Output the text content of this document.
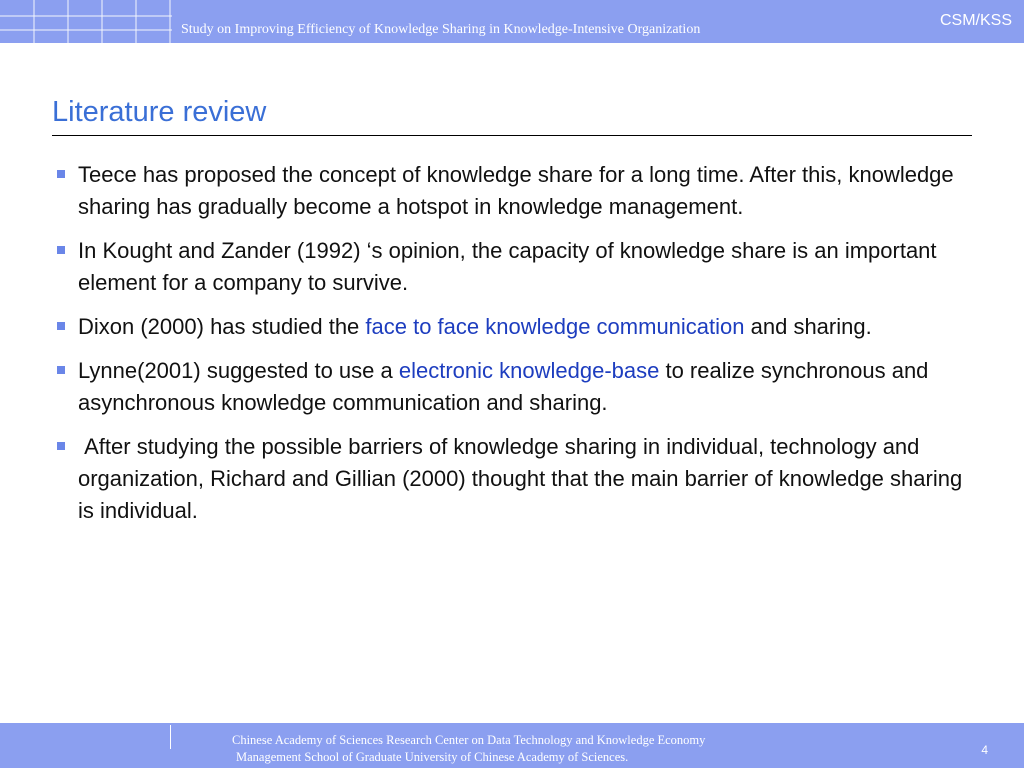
Study on Improving Efficiency of Knowledge Sharing in Knowledge-Intensive Organization
CSM/KSS
Literature review
Teece has proposed the concept of knowledge share for a long time. After this, knowledge sharing has gradually become a hotspot in knowledge management.
In Kought and Zander (1992) ‘s opinion, the capacity of knowledge share is an important element for a company to survive.
Dixon (2000) has studied the face to face knowledge communication and sharing.
Lynne(2001) suggested to use a electronic knowledge-base to realize synchronous and asynchronous knowledge communication and sharing.
After studying the possible barriers of knowledge sharing in individual, technology and organization, Richard and Gillian (2000) thought that the main barrier of knowledge sharing is individual.
Chinese Academy of Sciences Research Center on Data Technology and Knowledge Economy
Management School of Graduate University of Chinese Academy of Sciences.	4
